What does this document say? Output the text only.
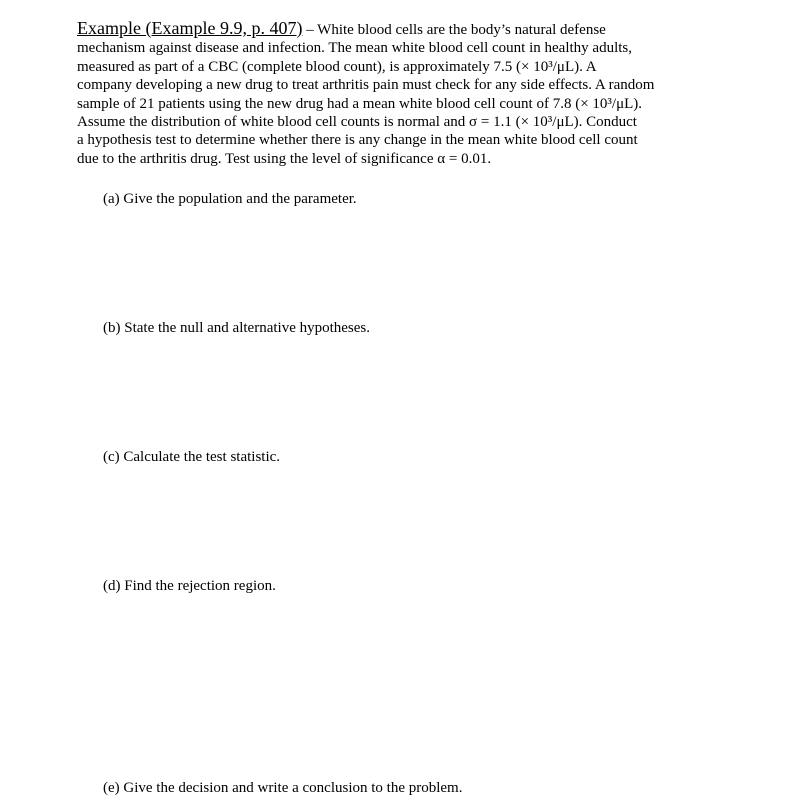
Example (Example 9.9, p. 407) – White blood cells are the body’s natural defense
mechanism against disease and infection. The mean white blood cell count in healthy adults,
measured as part of a CBC (complete blood count), is approximately 7.5 (× 10³/μL). A
company developing a new drug to treat arthritis pain must check for any side effects. A random
sample of 21 patients using the new drug had a mean white blood cell count of 7.8 (× 10³/μL).
Assume the distribution of white blood cell counts is normal and σ = 1.1 (× 10³/μL). Conduct
a hypothesis test to determine whether there is any change in the mean white blood cell count
due to the arthritis drug. Test using the level of significance α = 0.01.
(a) Give the population and the parameter.
(b) State the null and alternative hypotheses.
(c) Calculate the test statistic.
(d) Find the rejection region.
(e) Give the decision and write a conclusion to the problem.
